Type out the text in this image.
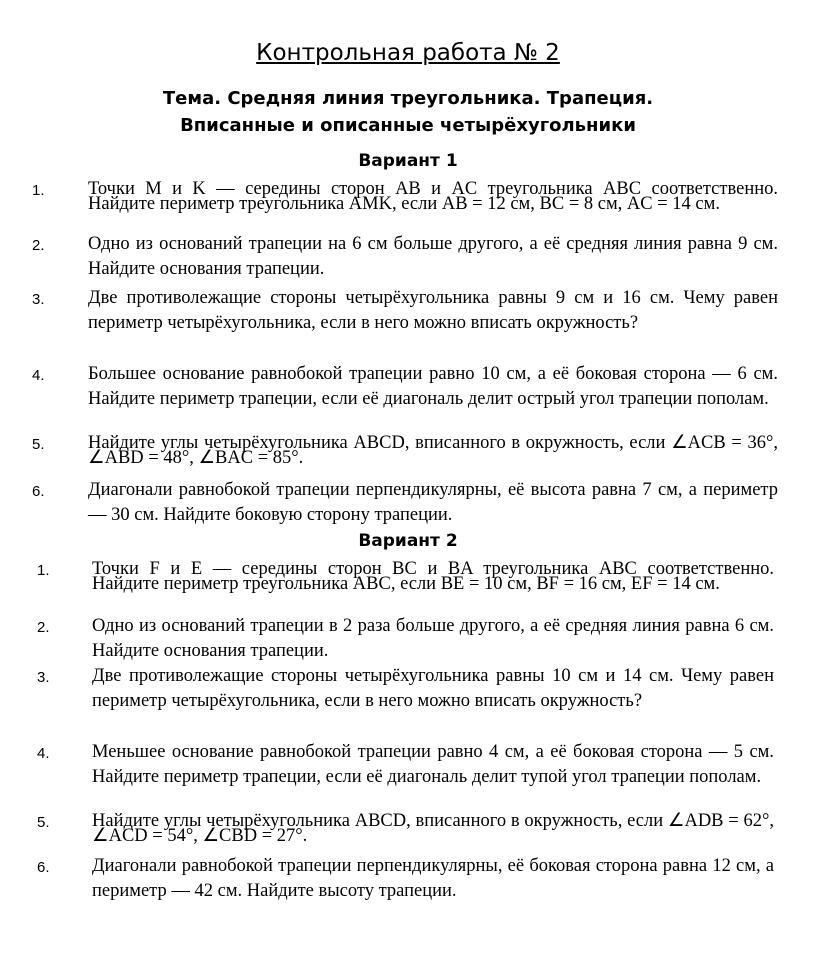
Контрольная работа № 2
Тема. Средняя линия треугольника. Трапеция.
Вписанные и описанные четырёхугольники
Вариант 1
1. Точки M и K — середины сторон AB и AC треугольника ABC соответственно. Найдите периметр треугольника AMK, если AB = 12 см, BC = 8 см, AC = 14 см.
2. Одно из оснований трапеции на 6 см больше другого, а её средняя линия равна 9 см. Найдите основания трапеции.
3. Две противолежащие стороны четырёхугольника равны 9 см и 16 см. Чему равен периметр четырёхугольника, если в него можно вписать окружность?
4. Большее основание равнобокой трапеции равно 10 см, а её боковая сторона — 6 см. Найдите периметр трапеции, если её диагональ делит острый угол трапеции пополам.
5. Найдите углы четырёхугольника ABCD, вписанного в окружность, если ∠ACB = 36°, ∠ABD = 48°, ∠BAC = 85°.
6. Диагонали равнобокой трапеции перпендикулярны, её высота равна 7 см, а периметр — 30 см. Найдите боковую сторону трапеции.
Вариант 2
1. Точки F и E — середины сторон BC и BA треугольника ABC соответственно. Найдите периметр треугольника ABC, если BE = 10 см, BF = 16 см, EF = 14 см.
2. Одно из оснований трапеции в 2 раза больше другого, а её средняя линия равна 6 см. Найдите основания трапеции.
3. Две противолежащие стороны четырёхугольника равны 10 см и 14 см. Чему равен периметр четырёхугольника, если в него можно вписать окружность?
4. Меньшее основание равнобокой трапеции равно 4 см, а её боковая сторона — 5 см. Найдите периметр трапеции, если её диагональ делит тупой угол трапеции пополам.
5. Найдите углы четырёхугольника ABCD, вписанного в окружность, если ∠ADB = 62°, ∠ACD = 54°, ∠CBD = 27°.
6. Диагонали равнобокой трапеции перпендикулярны, её боковая сторона равна 12 см, а периметр — 42 см. Найдите высоту трапеции.
